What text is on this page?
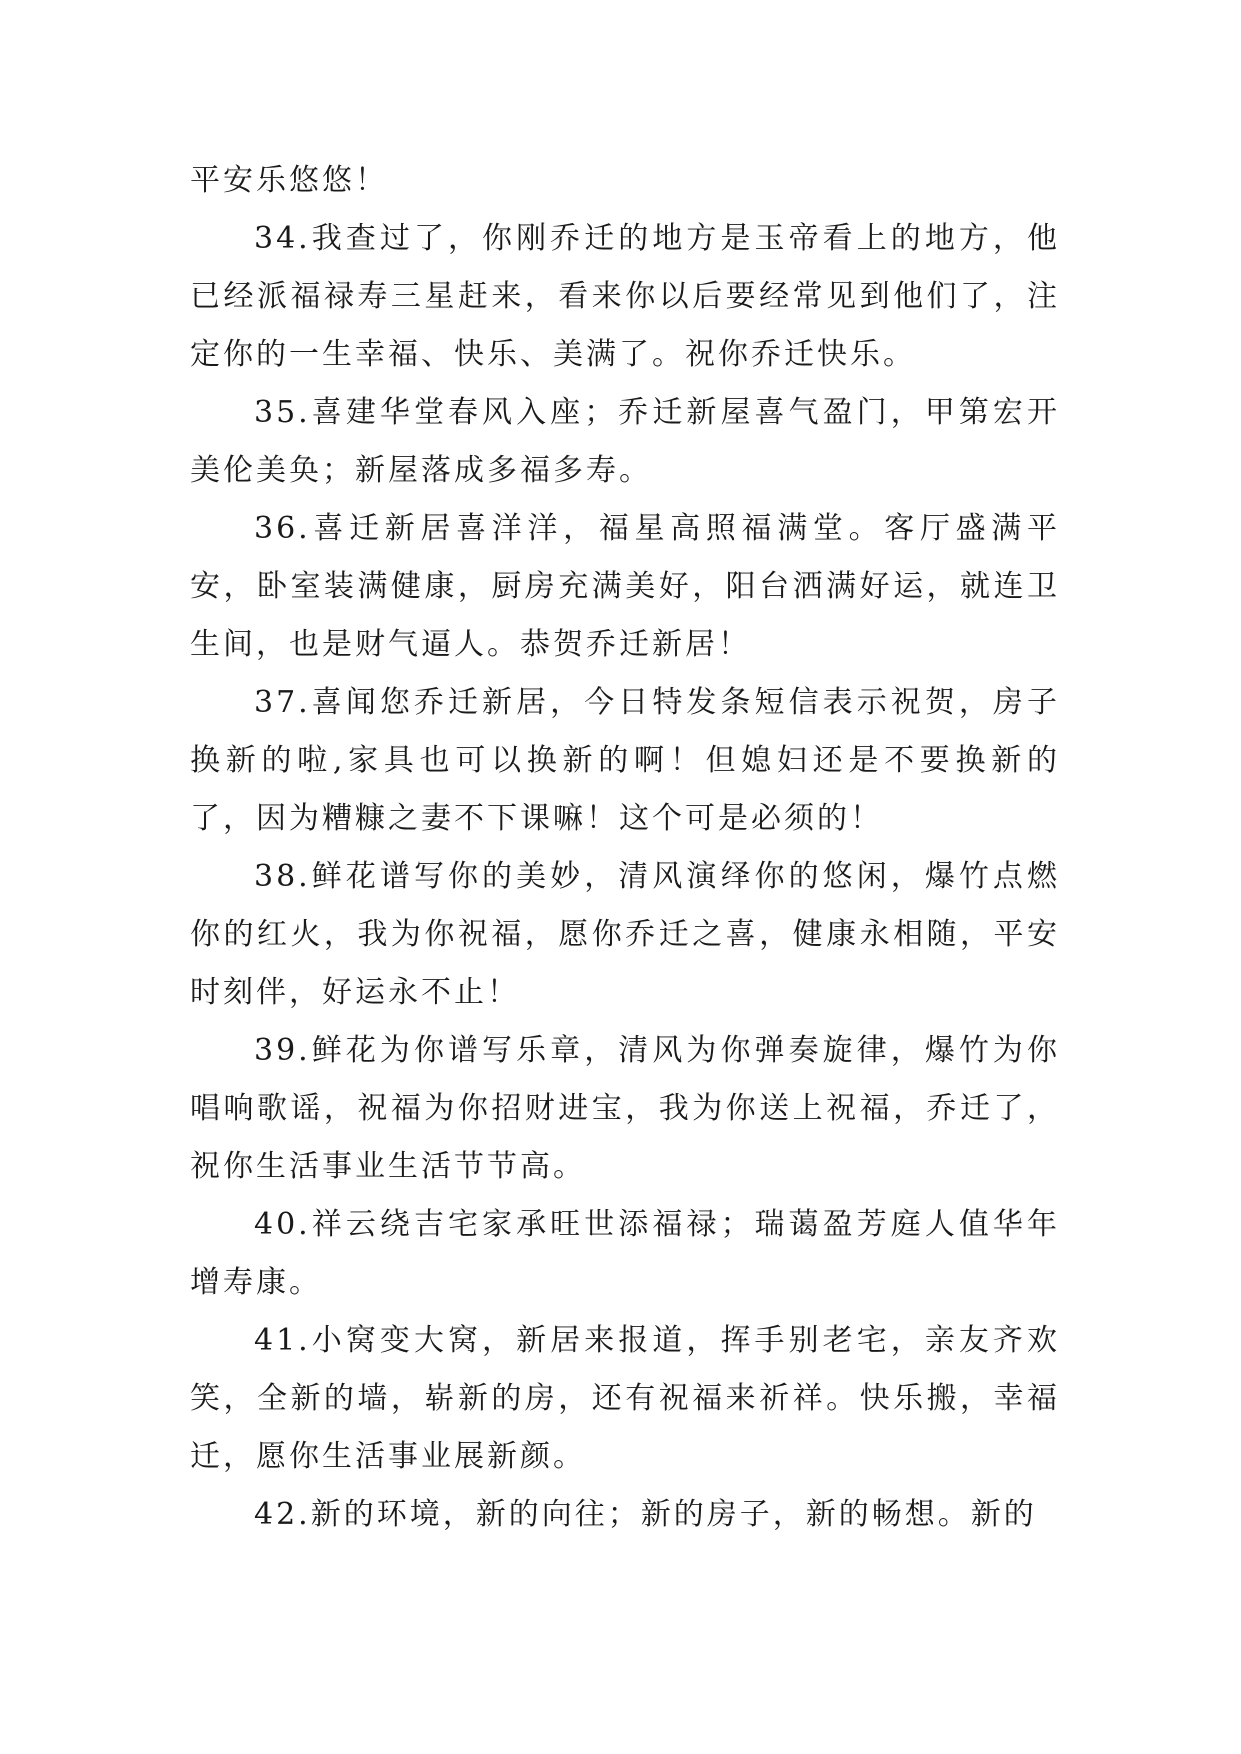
平安乐悠悠！

34.我查过了，你刚乔迁的地方是玉帝看上的地方，他已经派福禄寿三星赶来，看来你以后要经常见到他们了，注定你的一生幸福、快乐、美满了。祝你乔迁快乐。

35.喜建华堂春风入座；乔迁新屋喜气盈门，甲第宏开美伦美奂；新屋落成多福多寿。

36.喜迁新居喜洋洋，福星高照福满堂。客厅盛满平安，卧室装满健康，厨房充满美好，阳台洒满好运，就连卫生间，也是财气逼人。恭贺乔迁新居！

37.喜闻您乔迁新居，今日特发条短信表示祝贺，房子换新的啦,家具也可以换新的啊！但媳妇还是不要换新的了，因为糟糠之妻不下课嘛！这个可是必须的！

38.鲜花谱写你的美妙，清风演绎你的悠闲，爆竹点燃你的红火，我为你祝福，愿你乔迁之喜，健康永相随，平安时刻伴，好运永不止！

39.鲜花为你谱写乐章，清风为你弹奏旋律，爆竹为你唱响歌谣，祝福为你招财进宝，我为你送上祝福，乔迁了，祝你生活事业生活节节高。

40.祥云绕吉宅家承旺世添福禄；瑞蔼盈芳庭人值华年增寿康。

41.小窝变大窝，新居来报道，挥手别老宅，亲友齐欢笑，全新的墙，崭新的房，还有祝福来祈祥。快乐搬，幸福迁，愿你生活事业展新颜。

42.新的环境，新的向往；新的房子，新的畅想。新的
